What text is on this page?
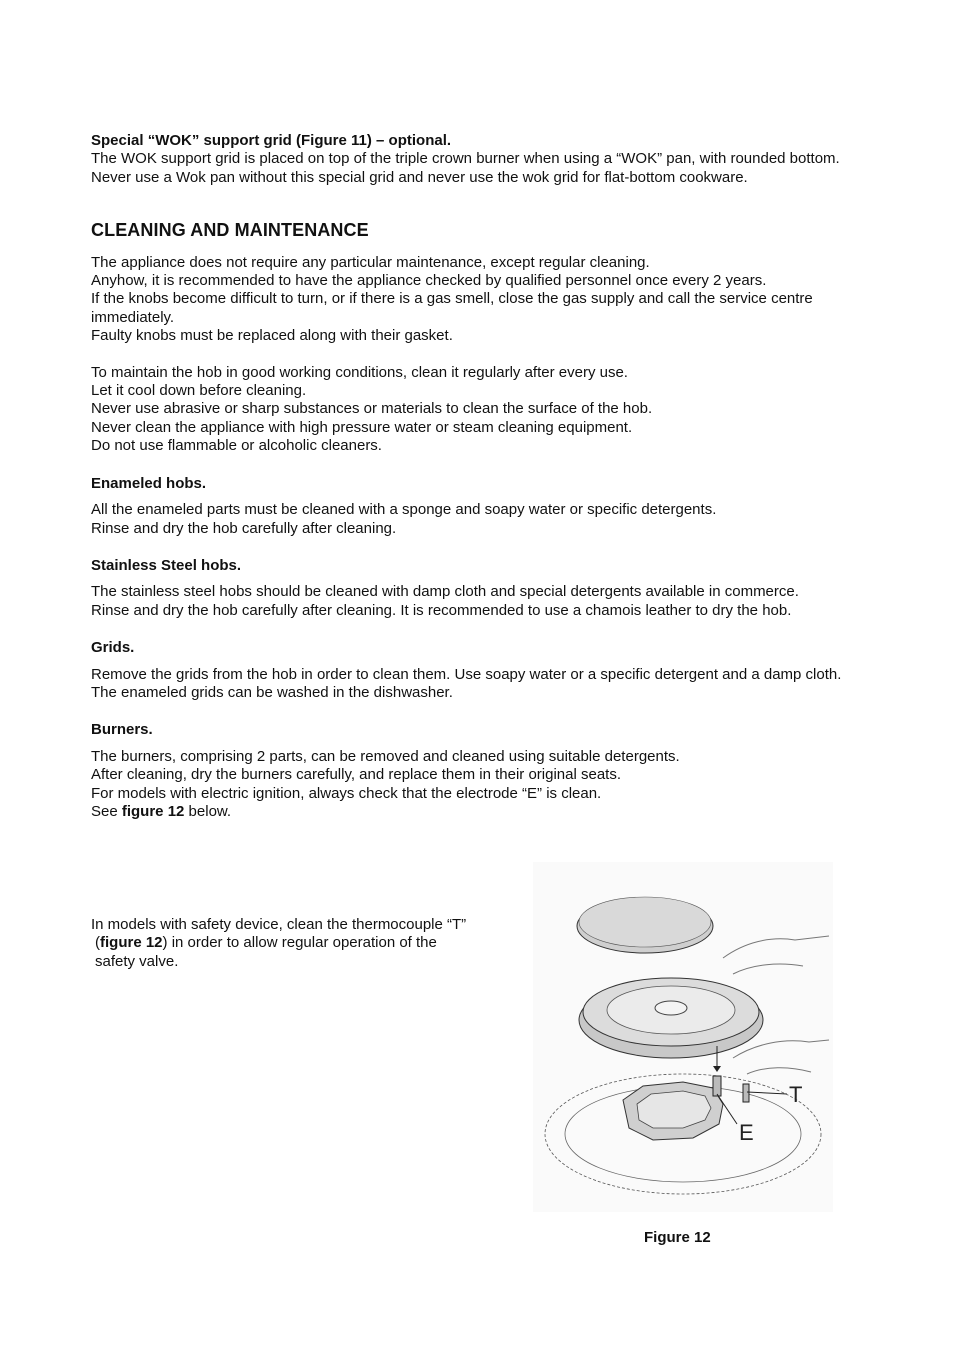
Special “WOK” support grid (Figure 11) – optional.

The WOK support grid is placed on top of the triple crown burner when using a “WOK” pan, with rounded bottom.

Never use a Wok pan without this special grid and never use the wok grid for flat-bottom cookware.

CLEANING AND MAINTENANCE

The appliance does not require any particular maintenance, except regular cleaning.

Anyhow, it is recommended to have the appliance checked by qualified personnel once every 2 years.

If the knobs become difficult to turn, or if there is a gas smell, close the gas supply and call the service centre immediately.

Faulty knobs must be replaced along with their gasket.

To maintain the hob in good working conditions, clean it regularly after every use.

Let it cool down before cleaning.

Never use abrasive or sharp substances or materials to clean the surface of the hob.

Never clean the appliance with high pressure water or steam cleaning equipment.

Do not use flammable or alcoholic cleaners.

Enameled hobs.

All the enameled parts must be cleaned with a sponge and soapy water or specific detergents.

Rinse and dry the hob carefully after cleaning.

Stainless Steel hobs.

The stainless steel hobs should be cleaned with damp cloth and special detergents available in commerce.

Rinse and dry the hob carefully after cleaning. It is recommended to use a chamois leather to dry the hob.

Grids.

Remove the grids from the hob in order to clean them. Use soapy water or a specific detergent and a damp cloth.

The enameled grids can be washed in the dishwasher.

Burners.

The burners, comprising 2 parts, can be removed and cleaned using suitable detergents.

After cleaning, dry the burners carefully, and replace them in their original seats.

For models with electric ignition, always check that the electrode “E” is clean.

See figure 12 below.

In models with safety device, clean the thermocouple “T”

(figure 12) in order to allow regular operation of the

safety valve.

T
E
Figure 12
